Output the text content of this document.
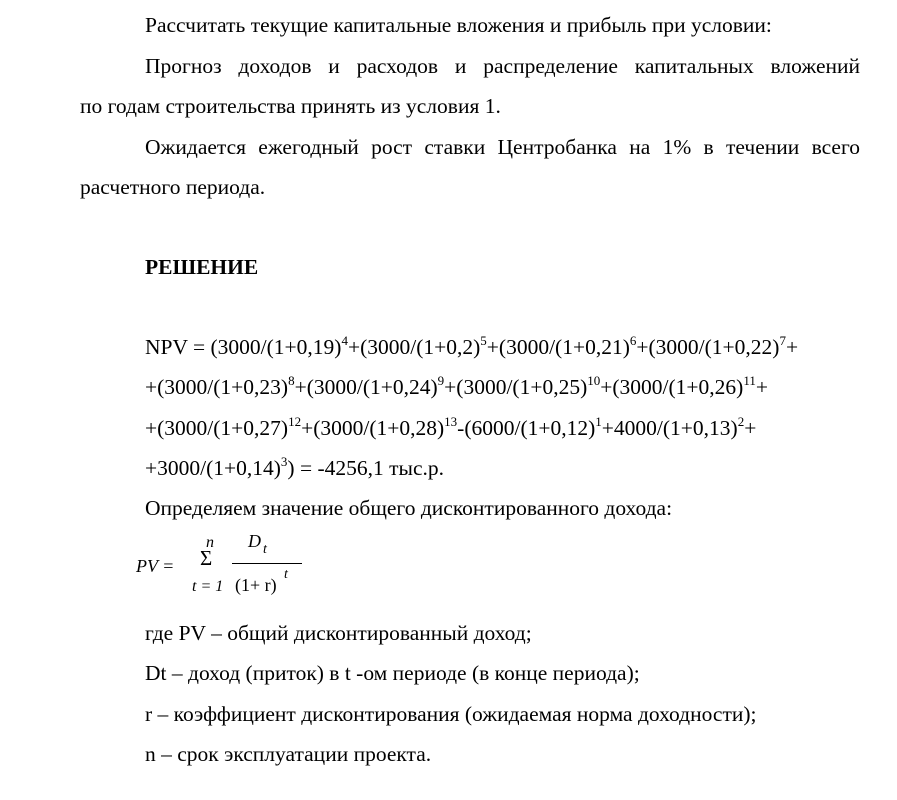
Рассчитать текущие капитальные вложения и прибыль при условии:
Прогноз доходов и расходов и распределение капитальных вложений
по годам строительства принять из условия 1.
Ожидается ежегодный рост ставки Центробанка на 1% в течении всего
расчетного периода.
РЕШЕНИЕ
NPV = ($3000/(1+0,19)^4+(3000/(1+0,2)^5+(3000/(1+0,21)^6+(3000/(1+0,22)^7+$
$+(3000/(1+0,23)^8+(3000/(1+0,24)^9+(3000/(1+0,25)^{10}+(3000/(1+0,26)^{11}+$
$+(3000/(1+0,27)^{12}+(3000/(1+0,28)^{13}-(6000/(1+0,12)^1+4000/(1+0,13)^2+$
$+3000/(1+0,14)^3) = -4256,1$ тыс.р.
Определяем значение общего дисконтированного дохода:
PV =
n
Σ
t = 1
D t
(1+ r)
t
где PV – общий дисконтированный доход;
Dt – доход (приток) в t -ом периоде (в конце периода);
r – коэффициент дисконтирования (ожидаемая норма доходности);
n – срок эксплуатации проекта.
